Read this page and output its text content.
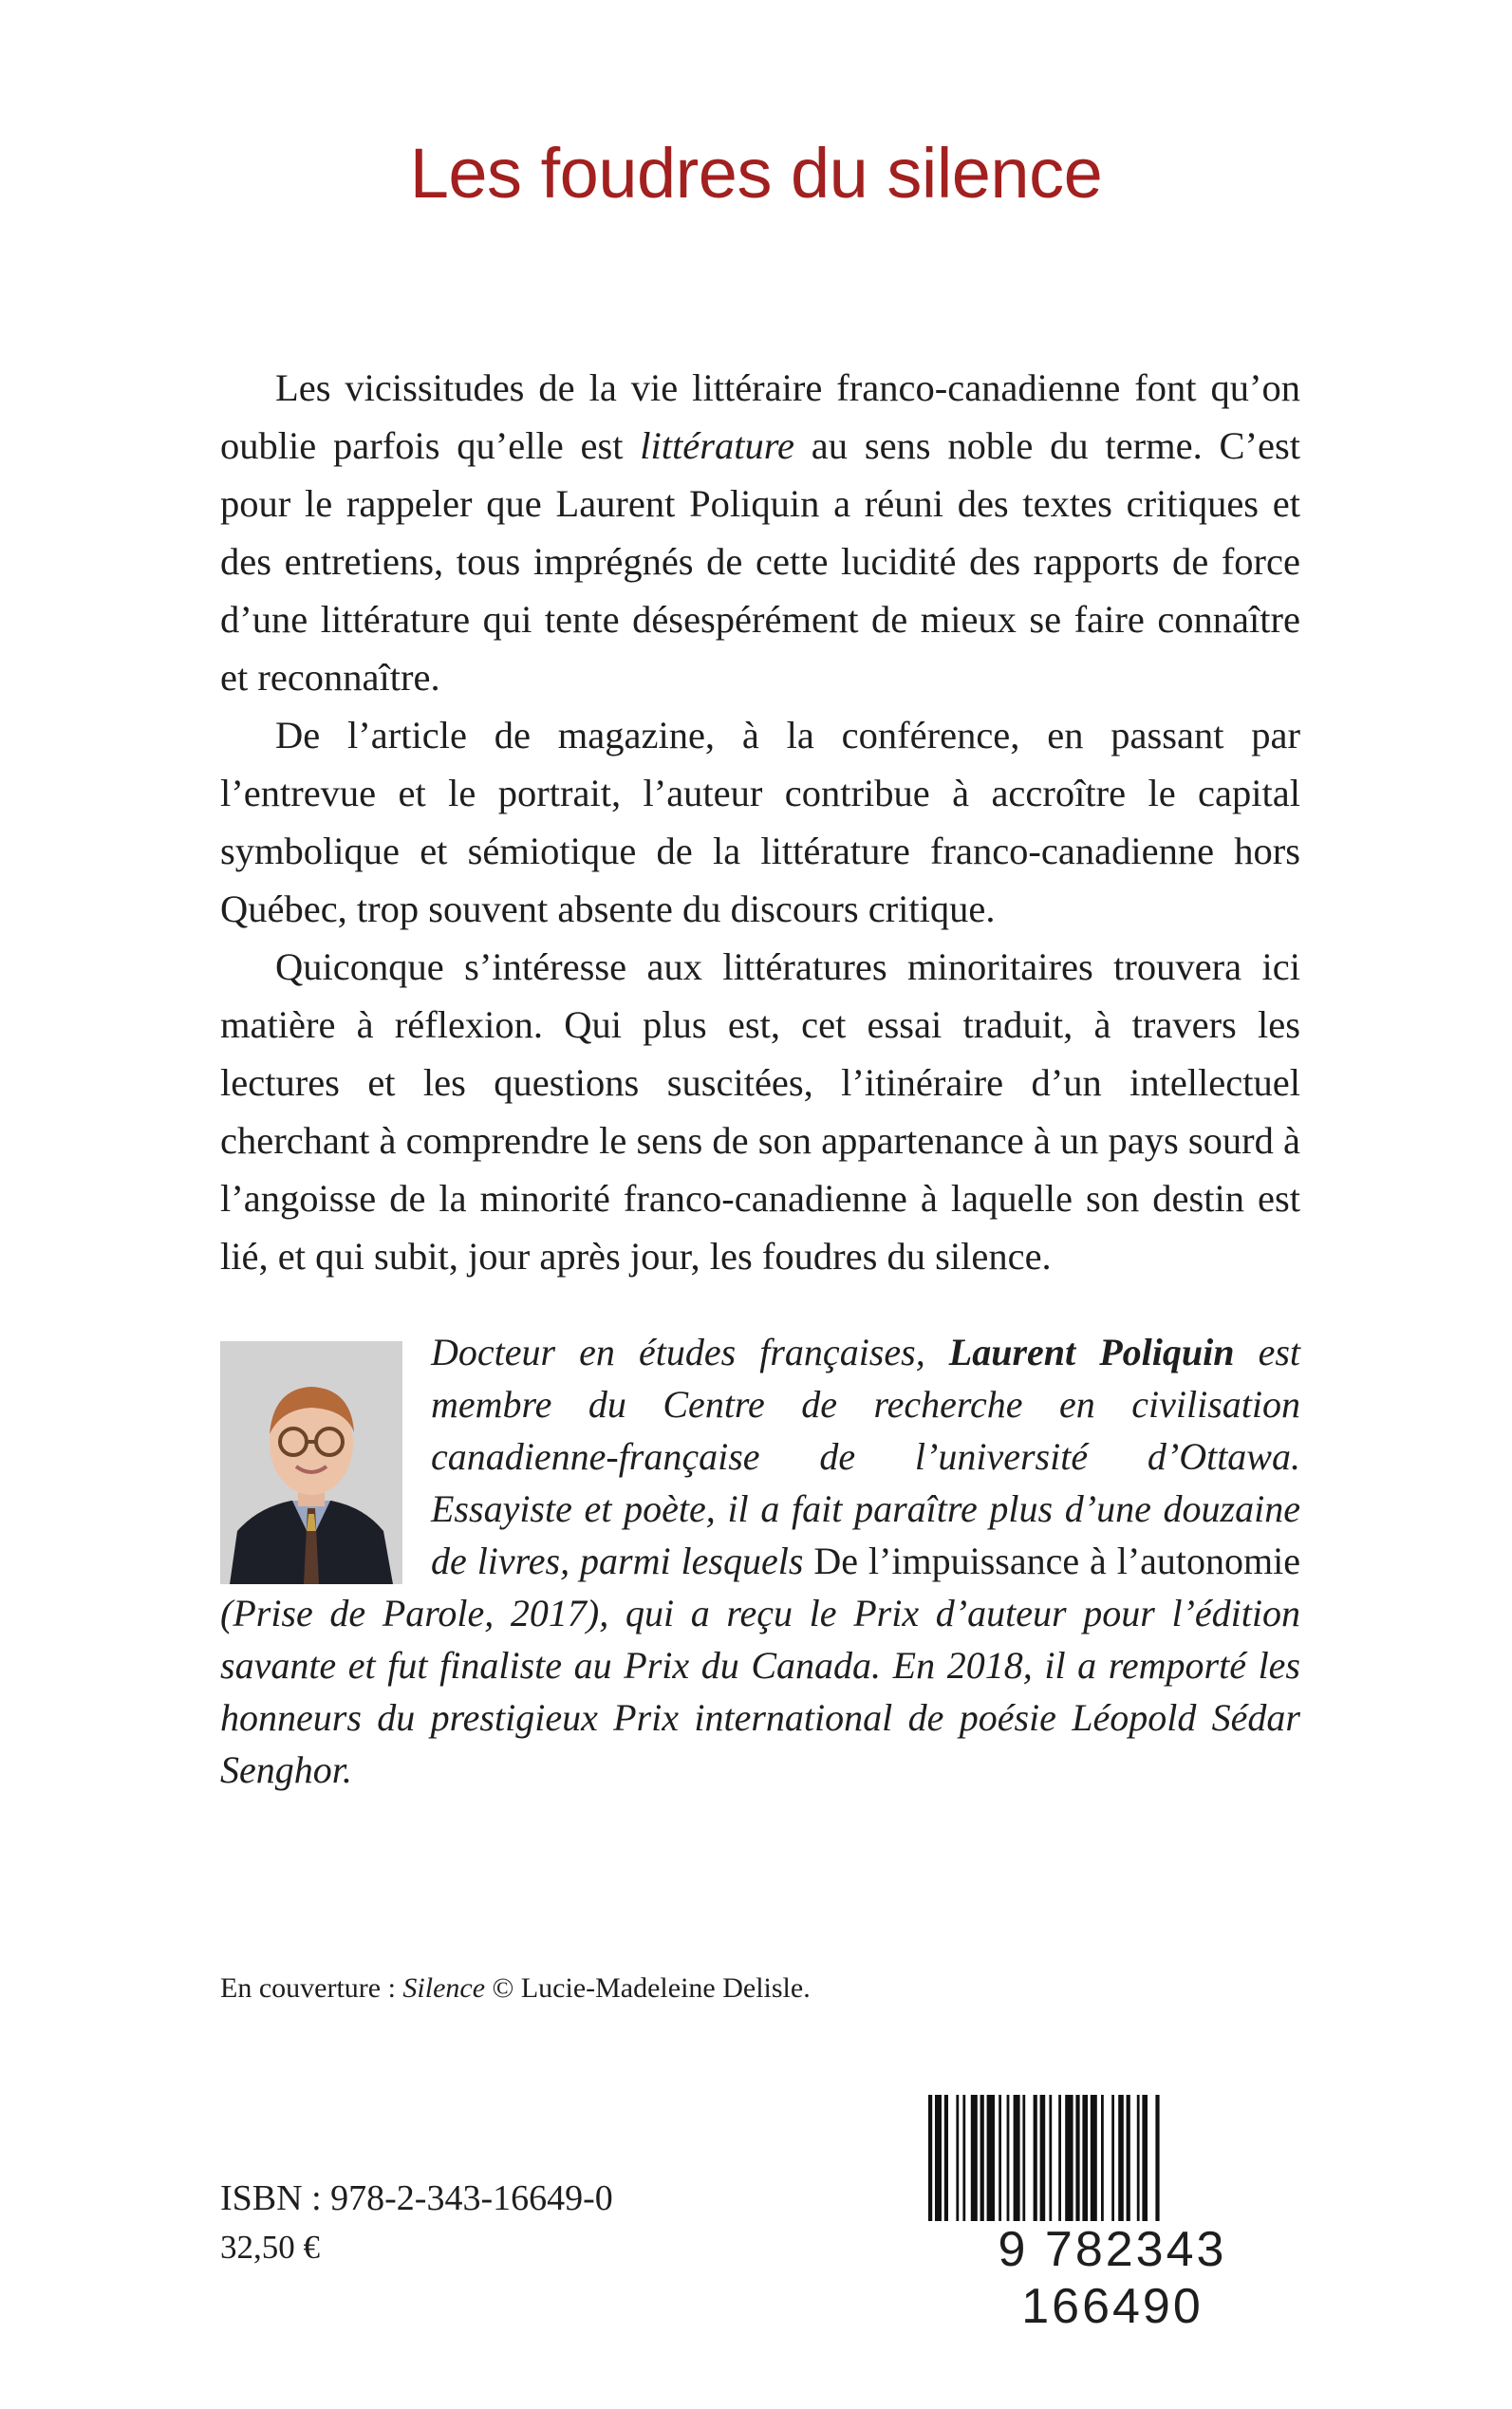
Les foudres du silence

Les vicissitudes de la vie littéraire franco-canadienne font qu’on oublie parfois qu’elle est littérature au sens noble du terme. C’est pour le rappeler que Laurent Poliquin a réuni des textes critiques et des entretiens, tous imprégnés de cette lucidité des rapports de force d’une littérature qui tente désespérément de mieux se faire connaître et reconnaître.

De l’article de magazine, à la conférence, en passant par l’entrevue et le portrait, l’auteur contribue à accroître le capital symbolique et sémiotique de la littérature franco-canadienne hors Québec, trop souvent absente du discours critique.

Quiconque s’intéresse aux littératures minoritaires trouvera ici matière à réflexion. Qui plus est, cet essai traduit, à travers les lectures et les questions suscitées, l’itinéraire d’un intellectuel cherchant à comprendre le sens de son appartenance à un pays sourd à l’angoisse de la minorité franco-canadienne à laquelle son destin est lié, et qui subit, jour après jour, les foudres du silence.

Docteur en études françaises, Laurent Poliquin est membre du Centre de recherche en civilisation canadienne-française de l’université d’Ottawa. Essayiste et poète, il a fait paraître plus d’une douzaine de livres, parmi lesquels De l’impuissance à l’autonomie (Prise de Parole, 2017), qui a reçu le Prix d’auteur pour l’édition savante et fut finaliste au Prix du Canada. En 2018, il a remporté les honneurs du prestigieux Prix international de poésie Léopold Sédar Senghor.

En couverture : Silence © Lucie-Madeleine Delisle.
ISBN : 978-2-343-16649-0
32,50 €	9 782343 166490
